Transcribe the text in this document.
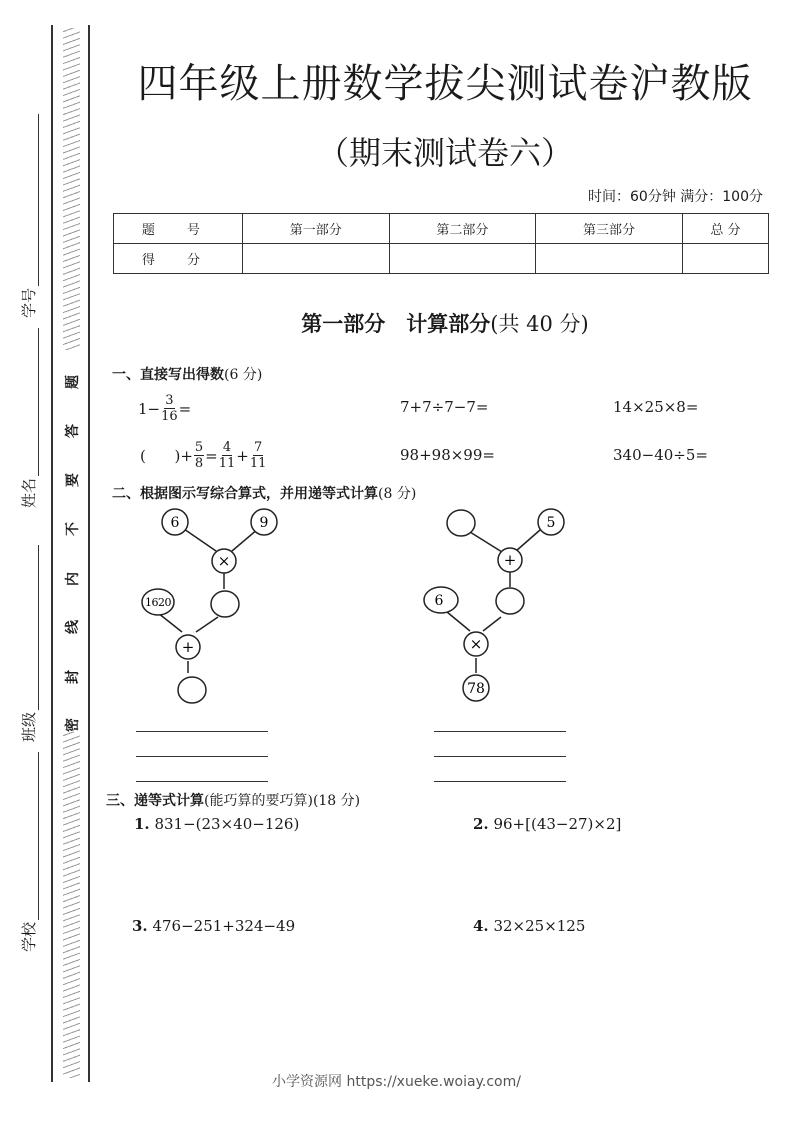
题
答
要
不
内
线
封
密
学号
姓名
班级
学校
四年级上册数学拔尖测试卷沪教版
（期末测试卷六）
时间：60分钟 满分：100分
题 号	第一部分	第二部分	第三部分	总 分
得 分				
第一部分　计算部分(共 40 分)
一、直接写出得数(6 分)
$1- \frac{3}{16}$ =	7+7÷7−7=	14×25×8=
(      )+ $\frac{5}{8} = \frac{4}{11} + \frac{7}{11}$	98+98×99=	340−40÷5=
二、根据图示写综合算式，并用递等式计算(8 分)
6	9
×
1620
+
5
+
6
×
78
三、递等式计算(能巧算的要巧算)(18 分)
1. 831−(23×40−126)	2. 96+[(43−27)×2]
3. 476−251+324−49	4. 32×25×125
小学资源网 https://xueke.woiay.com/
